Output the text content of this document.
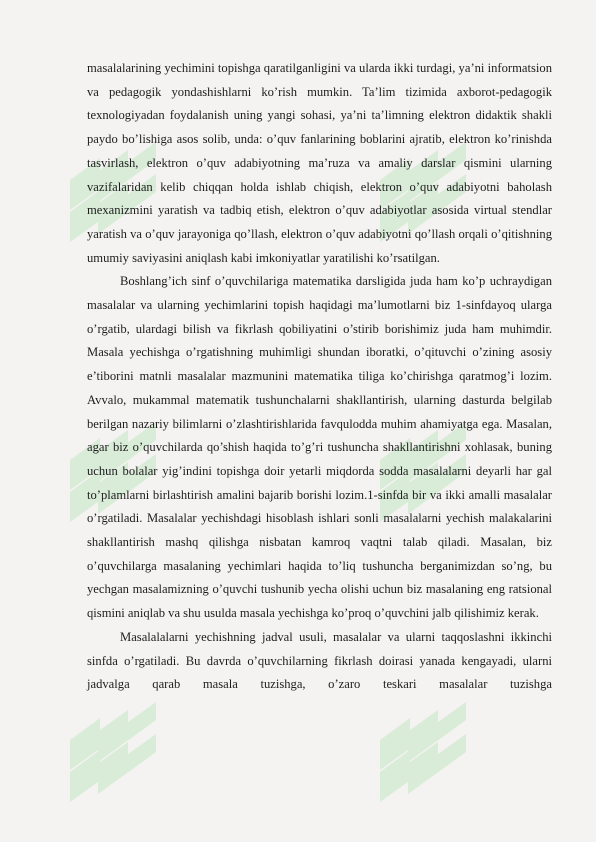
masalalarining yechimini topishga qaratilganligini va ularda ikki turdagi, ya’ni informatsion va pedagogik yondashishlarni ko’rish mumkin. Ta’lim tizimida axborot-pedagogik texnologiyadan foydalanish uning yangi sohasi, ya’ni ta’limning elektron didaktik shakli paydo bo’lishiga asos solib, unda: o’quv fanlarining boblarini ajratib, elektron ko’rinishda tasvirlash, elektron o’quv adabiyotning ma’ruza va amaliy darslar qismini ularning vazifalaridan kelib chiqqan holda ishlab chiqish, elektron o’quv adabiyotni baholash mexanizmini yaratish va tadbiq etish, elektron o’quv adabiyotlar asosida virtual stendlar yaratish va o’quv jarayoniga qo’llash, elektron o’quv adabiyotni qo’llash orqali o’qitishning umumiy saviyasini aniqlash kabi imkoniyatlar yaratilishi ko’rsatilgan.

Boshlang’ich sinf o’quvchilariga matematika darsligida juda ham ko’p uchraydigan masalalar va ularning yechimlarini topish haqidagi ma’lumotlarni biz 1-sinfdayoq ularga o’rgatib, ulardagi bilish va fikrlash qobiliyatini o’stirib borishimiz juda ham muhimdir. Masala yechishga o’rgatishning muhimligi shundan iboratki, o’qituvchi o’zining asosiy e’tiborini matnli masalalar mazmunini matematika tiliga ko’chirishga qaratmog’i lozim. Avvalo, mukammal matematik tushunchalarni shakllantirish, ularning dasturda belgilab berilgan nazariy bilimlarni o’zlashtirishlarida favqulodda muhim ahamiyatga ega. Masalan, agar biz o’quvchilarda qo’shish haqida to’g’ri tushuncha shakllantirishni xohlasak, buning uchun bolalar yig’indini topishga doir yetarli miqdorda sodda masalalarni deyarli har gal to’plamlarni birlashtirish amalini bajarib borishi lozim.1-sinfda bir va ikki amalli masalalar o’rgatiladi. Masalalar yechishdagi hisoblash ishlari sonli masalalarni yechish malakalarini shakllantirish mashq qilishga nisbatan kamroq vaqtni talab qiladi. Masalan, biz o’quvchilarga masalaning yechimlari haqida to’liq tushuncha berganimizdan so’ng, bu yechgan masalamizning o’quvchi tushunib yecha olishi uchun biz masalaning eng ratsional qismini aniqlab va shu usulda masala yechishga ko’proq o’quvchini jalb qilishimiz kerak.

Masalalalarni yechishning jadval usuli, masalalar va ularni taqqoslashni ikkinchi sinfda o’rgatiladi. Bu davrda o’quvchilarning fikrlash doirasi yanada kengayadi, ularni jadvalga qarab masala tuzishga, o’zaro teskari masalalar tuzishga
